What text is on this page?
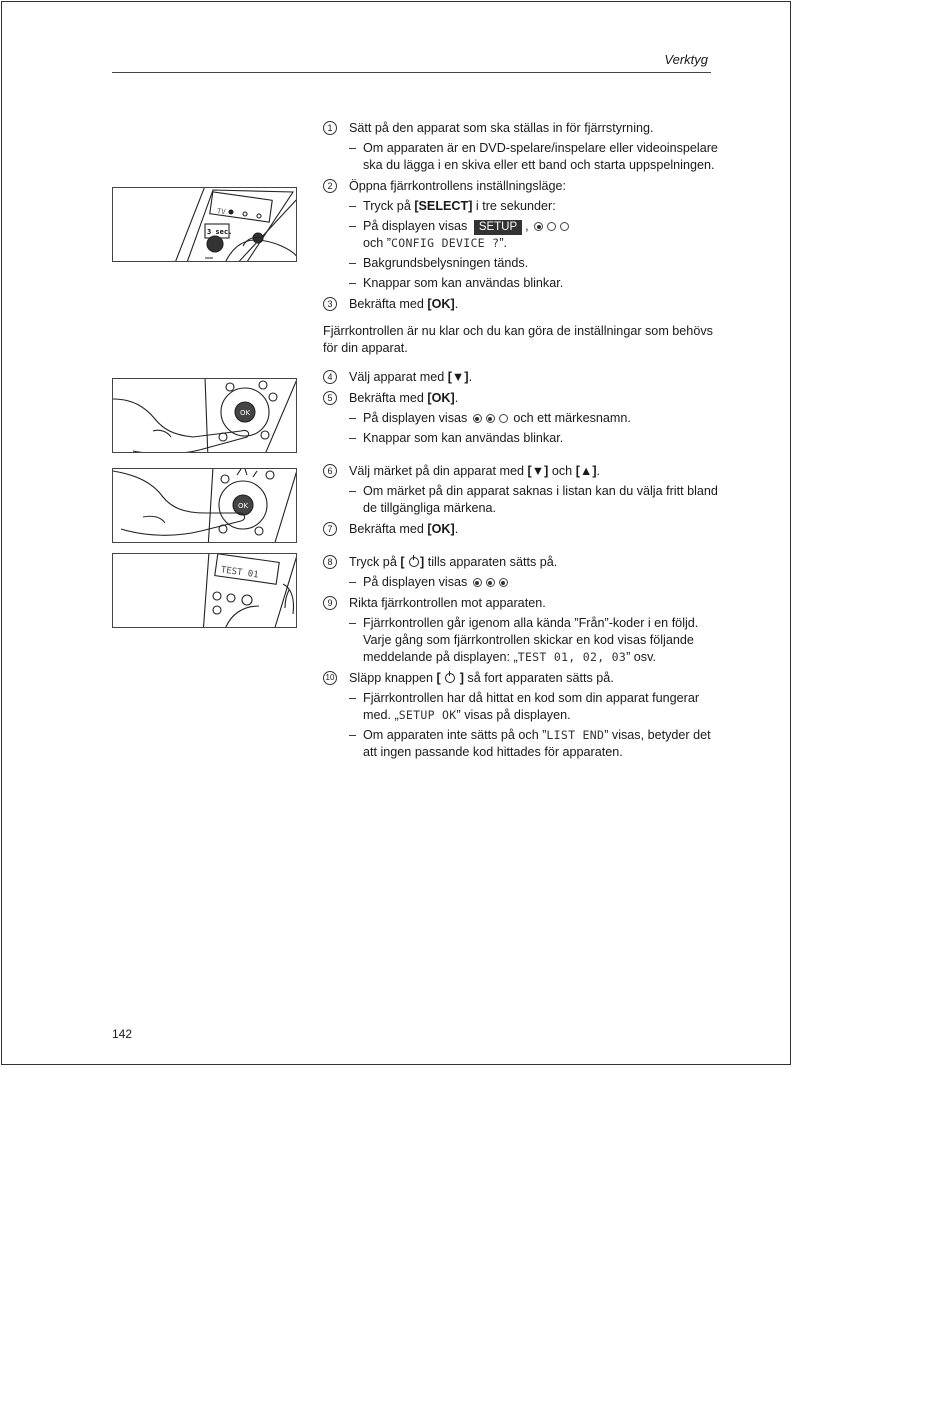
Verktyg
3 sec.
TV
OK
OK
TEST 01
1	Sätt på den apparat som ska ställas in för fjärrstyrning.
– Om apparaten är en DVD-spelare/inspelare eller videoinspelare ska du lägga i en skiva eller ett band och starta uppspelningen.
2	Öppna fjärrkontrollens inställningsläge:
– Tryck på [SELECT] i tre sekunder:
– På displayen visas SETUP ,
och ”CONFIG DEVICE ?”.
– Bakgrundsbelysningen tänds.
– Knappar som kan användas blinkar.
3	Bekräfta med [OK].
Fjärrkontrollen är nu klar och du kan göra de inställningar som behövs för din apparat.
4	Välj apparat med [▼].
5	Bekräfta med [OK].
– På displayen visas	och ett märkesnamn.
– Knappar som kan användas blinkar.
6	Välj märket på din apparat med [▼] och [▲].
– Om märket på din apparat saknas i listan kan du välja fritt bland de tillgängliga märkena.
7	Bekräfta med [OK].
8	Tryck på [ ] tills apparaten sätts på.
– På displayen visas
9	Rikta fjärrkontrollen mot apparaten.
– Fjärrkontrollen går igenom alla kända ”Från”-koder i en följd. Varje gång som fjärrkontrollen skickar en kod visas följande meddelande på displayen: „TEST 01, 02, 03” osv.
10 Släpp knappen [ ] så fort apparaten sätts på.
– Fjärrkontrollen har då hittat en kod som din apparat fungerar med. „SETUP OK” visas på displayen.
– Om apparaten inte sätts på och ”LIST END” visas, betyder det att ingen passande kod hittades för apparaten.
142
